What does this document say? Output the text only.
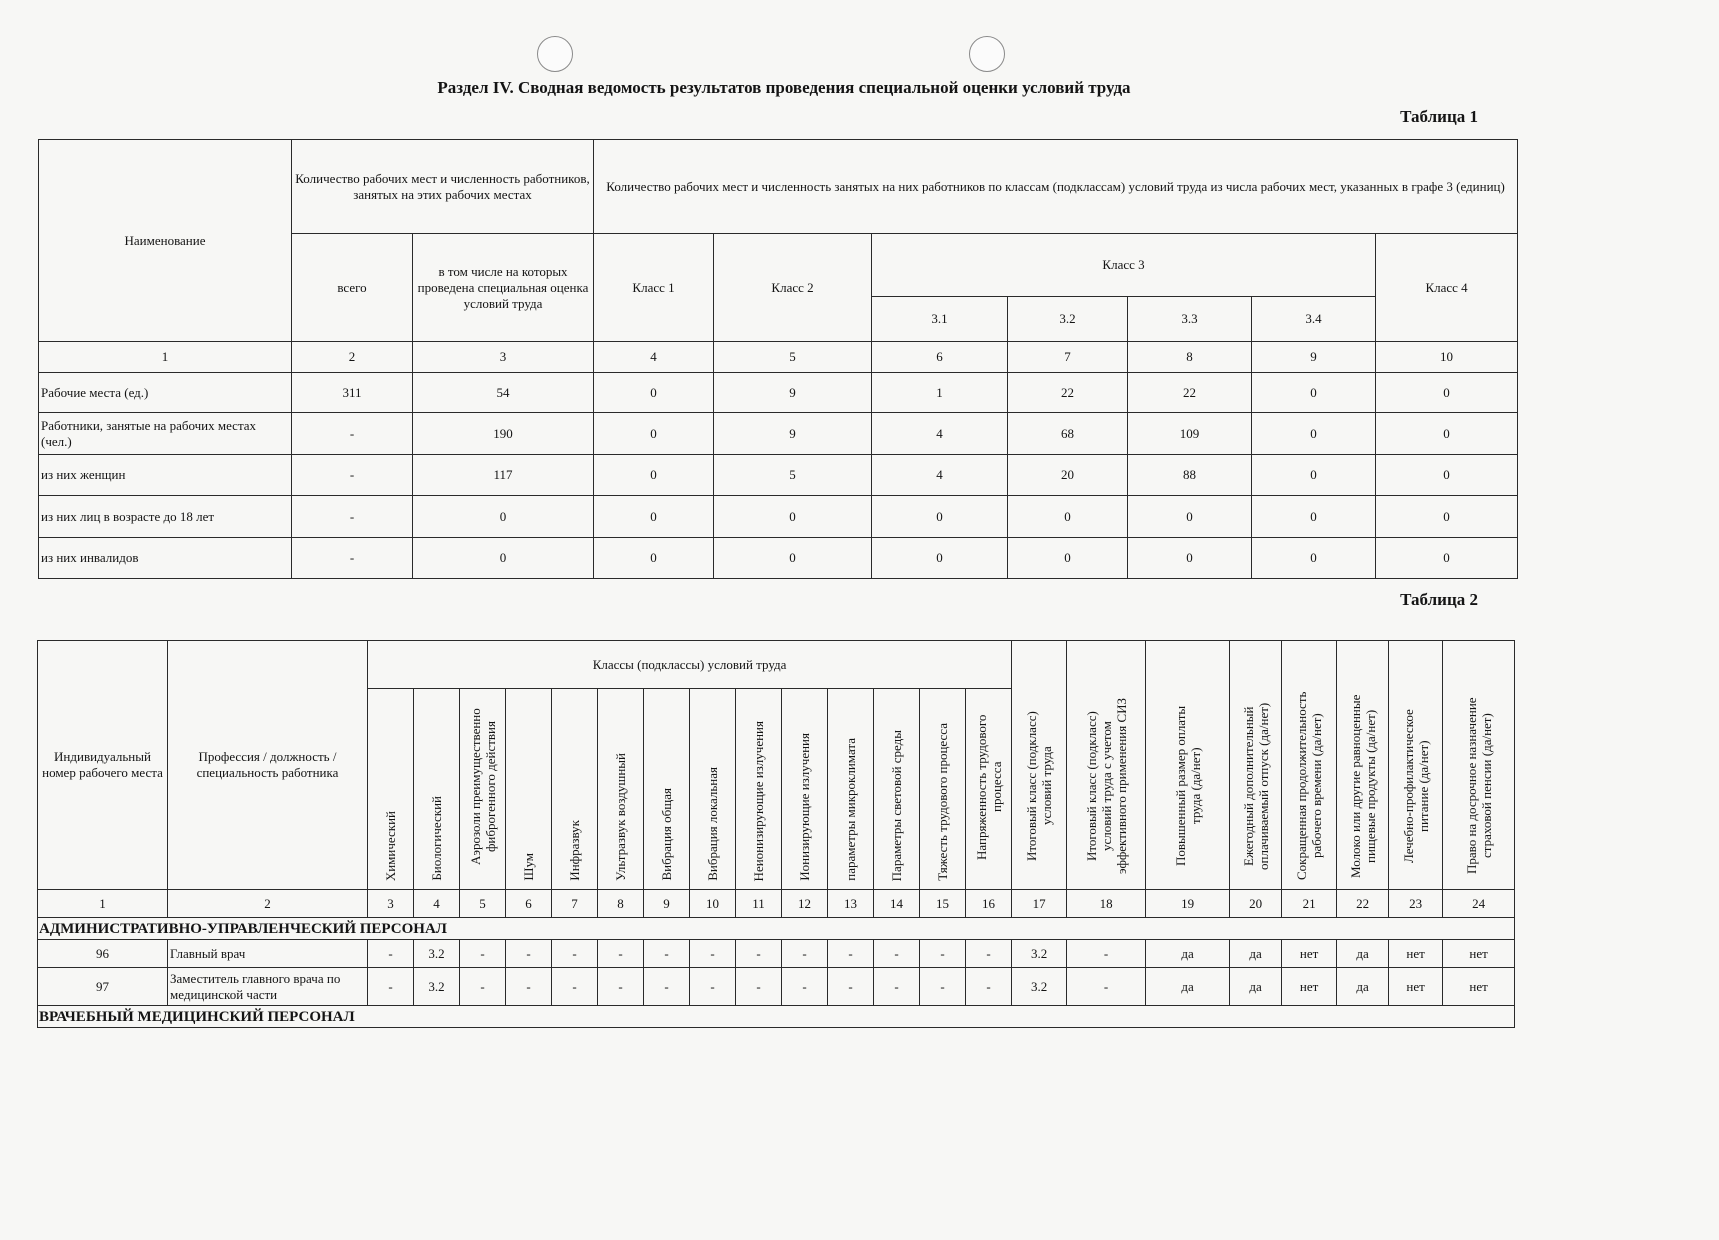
Раздел IV. Сводная ведомость результатов проведения специальной оценки условий труда
Таблица 1
Наименование	Количество рабочих мест и численность работников, занятых на этих рабочих местах		Количество рабочих мест и численность занятых на них работников по классам (подклассам) условий труда из числа рабочих мест, указанных в графе 3 (единиц)						
	всего	в том числе на которых проведена специальная оценка условий труда	Класс 1	Класс 2	Класс 3				Класс 4
					3.1	3.2	3.3	3.4	
1	2	3	4	5	6	7	8	9	10
Рабочие места (ед.)	311	54	0	9	1	22	22	0	0
Работники, занятые на рабочих местах (чел.)	-	190	0	9	4	68	109	0	0
из них женщин	-	117	0	5	4	20	88	0	0
из них лиц в возрасте до 18 лет	-	0	0	0	0	0	0	0	0
из них инвалидов	-	0	0	0	0	0	0	0	0
Таблица 2
Индивидуальный номер рабочего места	Профессия / должность / специальность работника	Классы (подклассы) условий труда														Итоговый класс (подкласс) условий труда	Итоговый класс (подкласс) условий труда с учетом эффективного применения СИЗ	Повышенный размер оплаты труда (да/нет)	Ежегодный дополнительный оплачиваемый отпуск (да/нет)	Сокращенная продолжительность рабочего времени (да/нет)	Молоко или другие равноценные пищевые продукты (да/нет)	Лечебно-профилактическое питание (да/нет)	Право на досрочное назначение страховой пенсии (да/нет)
		Химический	Биологический	Аэрозоли преимущественно фиброгенного действия	Шум	Инфразвук	Ультразвук воздушный	Вибрация общая	Вибрация локальная	Неионизирующие излучения	Ионизирующие излучения	параметры микроклимата	Параметры световой среды	Тяжесть трудового процесса	Напряженность трудового процесса								
1	2	3	4	5	6	7	8	9	10	11	12	13	14	15	16	17	18	19	20	21	22	23	24
АДМИНИСТРАТИВНО-УПРАВЛЕНЧЕСКИЙ ПЕРСОНАЛ																							
96	Главный врач	-	3.2	-	-	-	-	-	-	-	-	-	-	-	-	3.2	-	да	да	нет	да	нет	нет
97	Заместитель главного врача по медицинской части	-	3.2	-	-	-	-	-	-	-	-	-	-	-	-	3.2	-	да	да	нет	да	нет	нет
ВРАЧЕБНЫЙ МЕДИЦИНСКИЙ ПЕРСОНАЛ																							
